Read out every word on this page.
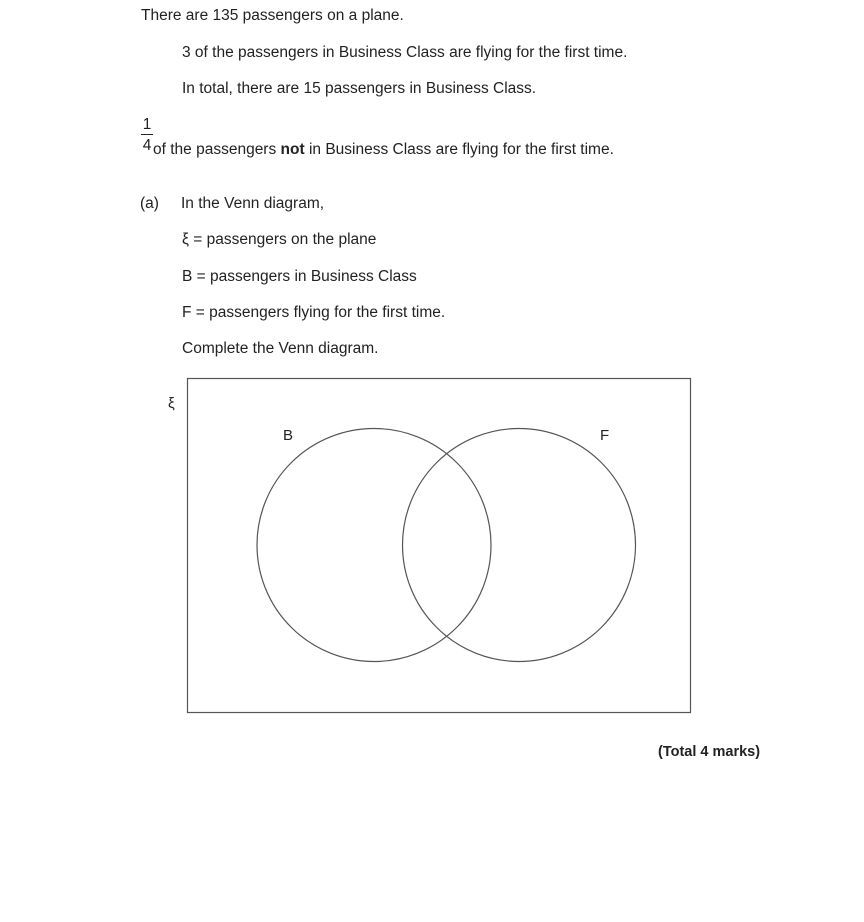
There are 135 passengers on a plane.
3 of the passengers in Business Class are flying for the first time.
In total, there are 15 passengers in Business Class.
1
4 of the passengers not in Business Class are flying for the first time.
(a) In the Venn diagram,
ξ = passengers on the plane
B = passengers in Business Class
F = passengers flying for the first time.
Complete the Venn diagram.
ξ
B	F
(Total 4 marks)
